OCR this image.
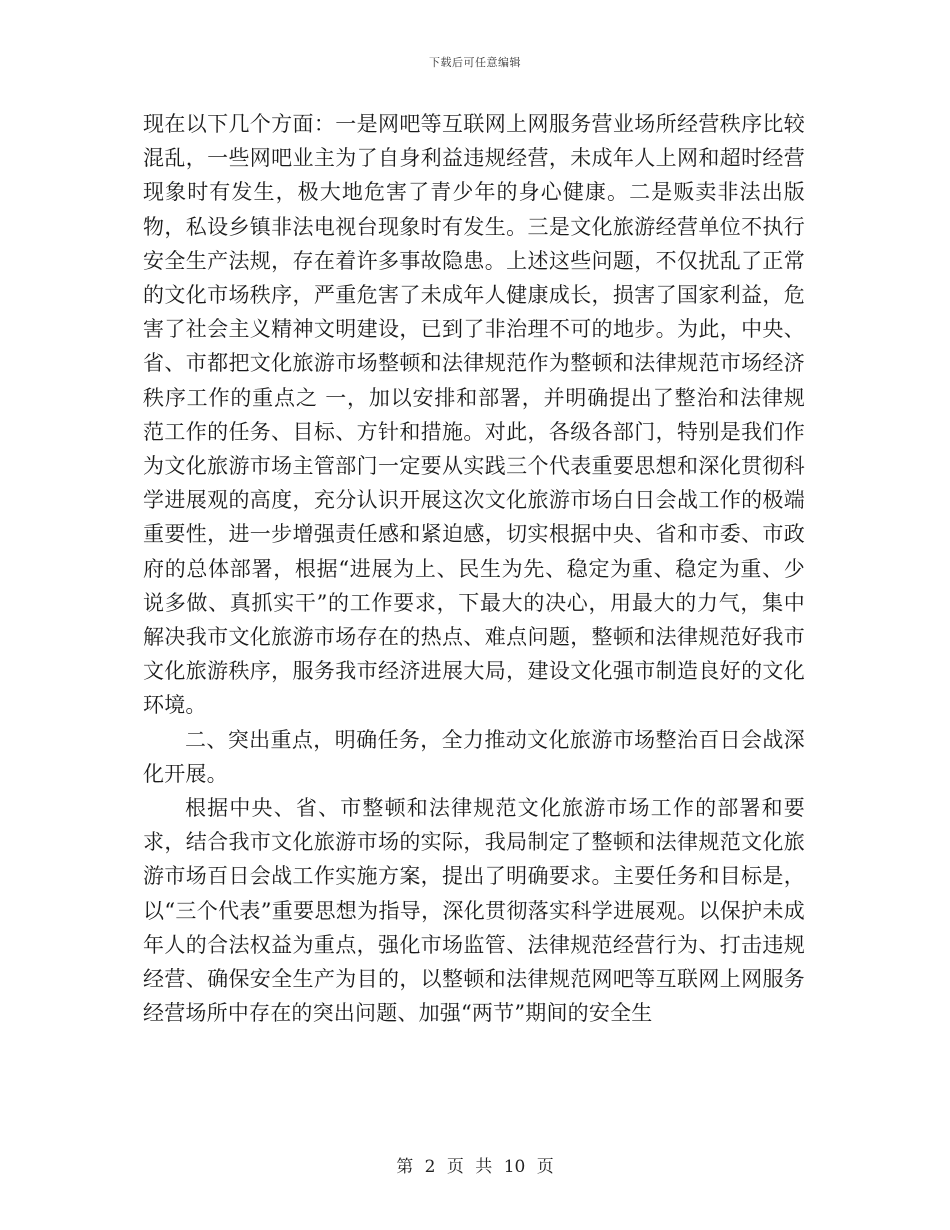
下载后可任意编辑

现在以下几个方面：一是网吧等互联网上网服务营业场所经营秩序比较混乱，一些网吧业主为了自身利益违规经营，未成年人上网和超时经营现象时有发生，极大地危害了青少年的身心健康。二是贩卖非法出版物，私设乡镇非法电视台现象时有发生。三是文化旅游经营单位不执行安全生产法规，存在着许多事故隐患。上述这些问题，不仅扰乱了正常的文化市场秩序，严重危害了未成年人健康成长，损害了国家利益，危害了社会主义精神文明建设，已到了非治理不可的地步。为此，中央、省、市都把文化旅游市场整顿和法律规范作为整顿和法律规范市场经济秩序工作的重点之 一，加以安排和部署，并明确提出了整治和法律规范工作的任务、目标、方针和措施。对此，各级各部门，特别是我们作为文化旅游市场主管部门一定要从实践三个代表重要思想和深化贯彻科学进展观的高度，充分认识开展这次文化旅游市场白日会战工作的极端重要性，进一步增强责任感和紧迫感，切实根据中央、省和市委、市政府的总体部署，根据“进展为上、民生为先、稳定为重、稳定为重、少说多做、真抓实干”的工作要求，下最大的决心，用最大的力气，集中解决我市文化旅游市场存在的热点、难点问题，整顿和法律规范好我市文化旅游秩序，服务我市经济进展大局，建设文化强市制造良好的文化环境。

二、突出重点，明确任务，全力推动文化旅游市场整治百日会战深化开展。

根据中央、省、市整顿和法律规范文化旅游市场工作的部署和要求，结合我市文化旅游市场的实际，我局制定了整顿和法律规范文化旅游市场百日会战工作实施方案，提出了明确要求。主要任务和目标是，以“三个代表”重要思想为指导，深化贯彻落实科学进展观。以保护未成年人的合法权益为重点，强化市场监管、法律规范经营行为、打击违规经营、确保安全生产为目的，以整顿和法律规范网吧等互联网上网服务经营场所中存在的突出问题、加强“两节”期间的安全生

第 2 页 共 10 页
